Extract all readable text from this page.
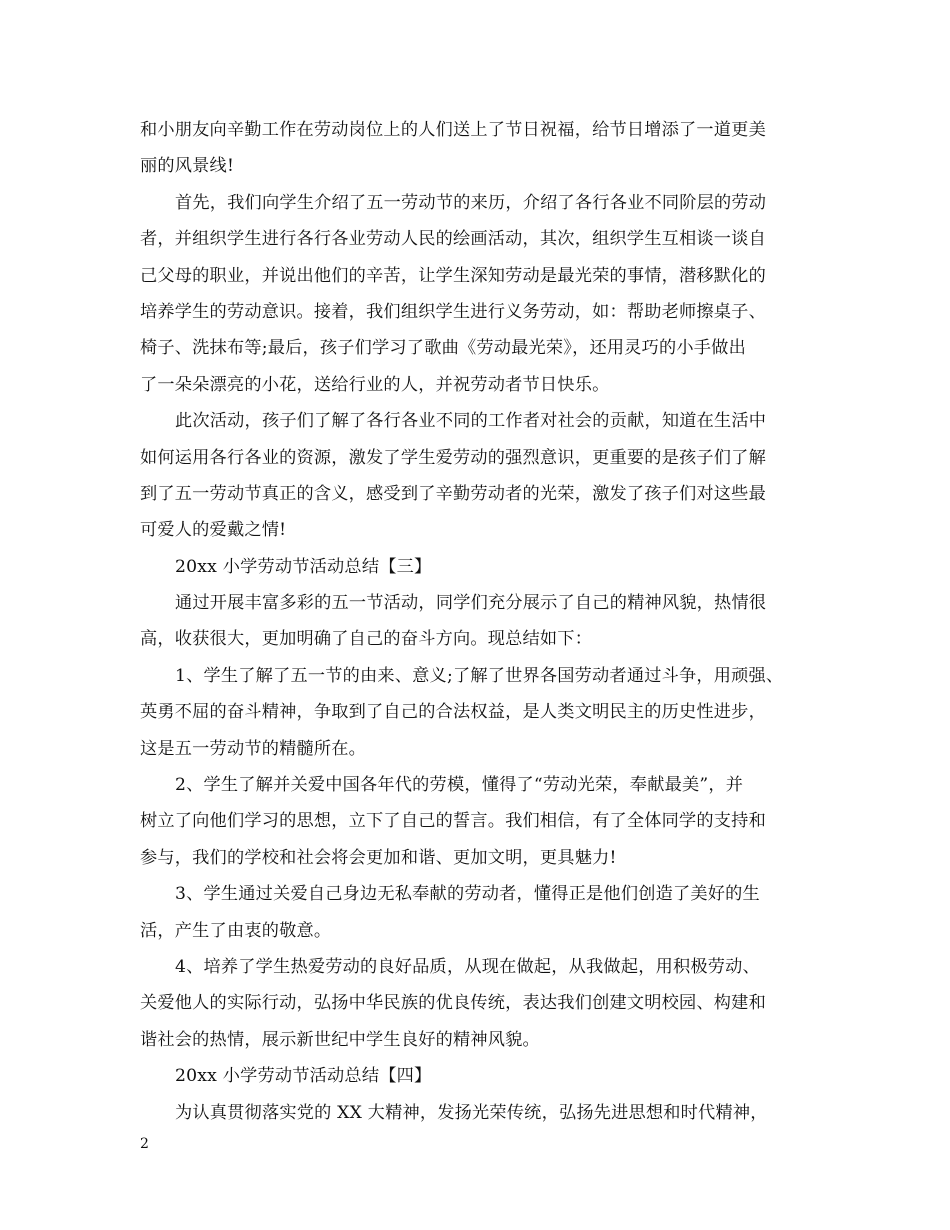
和小朋友向辛勤工作在劳动岗位上的人们送上了节日祝福，给节日增添了一道更美
丽的风景线!
首先，我们向学生介绍了五一劳动节的来历，介绍了各行各业不同阶层的劳动
者，并组织学生进行各行各业劳动人民的绘画活动，其次，组织学生互相谈一谈自
己父母的职业，并说出他们的辛苦，让学生深知劳动是最光荣的事情，潜移默化的
培养学生的劳动意识。接着，我们组织学生进行义务劳动，如：帮助老师擦桌子、
椅子、洗抹布等;最后，孩子们学习了歌曲《劳动最光荣》，还用灵巧的小手做出
了一朵朵漂亮的小花，送给行业的人，并祝劳动者节日快乐。
此次活动，孩子们了解了各行各业不同的工作者对社会的贡献，知道在生活中
如何运用各行各业的资源，激发了学生爱劳动的强烈意识，更重要的是孩子们了解
到了五一劳动节真正的含义，感受到了辛勤劳动者的光荣，激发了孩子们对这些最
可爱人的爱戴之情!
20xx 小学劳动节活动总结【三】
通过开展丰富多彩的五一节活动，同学们充分展示了自己的精神风貌，热情很
高，收获很大，更加明确了自己的奋斗方向。现总结如下：
1、学生了解了五一节的由来、意义;了解了世界各国劳动者通过斗争，用顽强、
英勇不屈的奋斗精神，争取到了自己的合法权益，是人类文明民主的历史性进步，
这是五一劳动节的精髓所在。
2、学生了解并关爱中国各年代的劳模，懂得了“劳动光荣，奉献最美”，并
树立了向他们学习的思想，立下了自己的誓言。我们相信，有了全体同学的支持和
参与，我们的学校和社会将会更加和谐、更加文明，更具魅力!
3、学生通过关爱自己身边无私奉献的劳动者，懂得正是他们创造了美好的生
活，产生了由衷的敬意。
4、培养了学生热爱劳动的良好品质，从现在做起，从我做起，用积极劳动、
关爱他人的实际行动，弘扬中华民族的优良传统，表达我们创建文明校园、构建和
谐社会的热情，展示新世纪中学生良好的精神风貌。
20xx 小学劳动节活动总结【四】
为认真贯彻落实党的 XX 大精神，发扬光荣传统，弘扬先进思想和时代精神，
2
